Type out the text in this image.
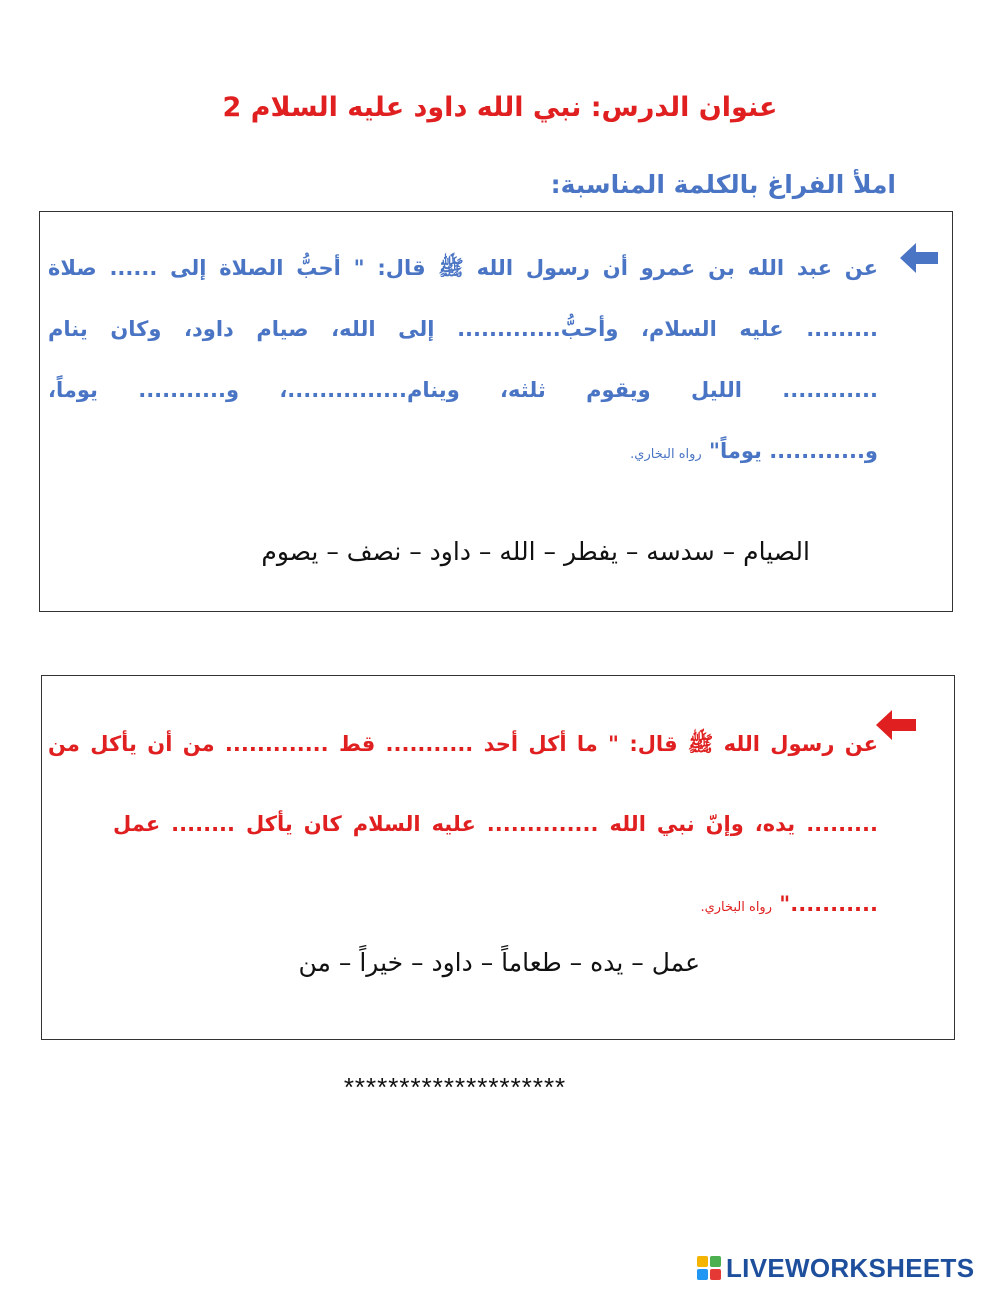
عنوان الدرس: نبي الله داود عليه السلام 2
املأ الفراغ بالكلمة المناسبة:
عن عبد الله بن عمرو أن رسول الله ﷺ قال: " أحبُّ الصلاة إلى ...... صلاة
......... عليه السلام، وأحبُّ............. إلى الله، صيام داود، وكان ينام
............ الليل ويقوم ثلثه، وينام...............، و........... يوماً،
و............ يوماً" رواه البخاري.
الصيام – سدسه – يفطر – الله – داود – نصف – يصوم
عن رسول الله ﷺ قال: " ما أكل أحد ........... قط ............. من أن يأكل من
......... يده، وإنّ نبي الله .............. عليه السلام كان يأكل ........ عمل
..........." رواه البخاري.
عمل – يده – طعاماً – داود – خيراً – من
********************
LIVEWORKSHEETS
